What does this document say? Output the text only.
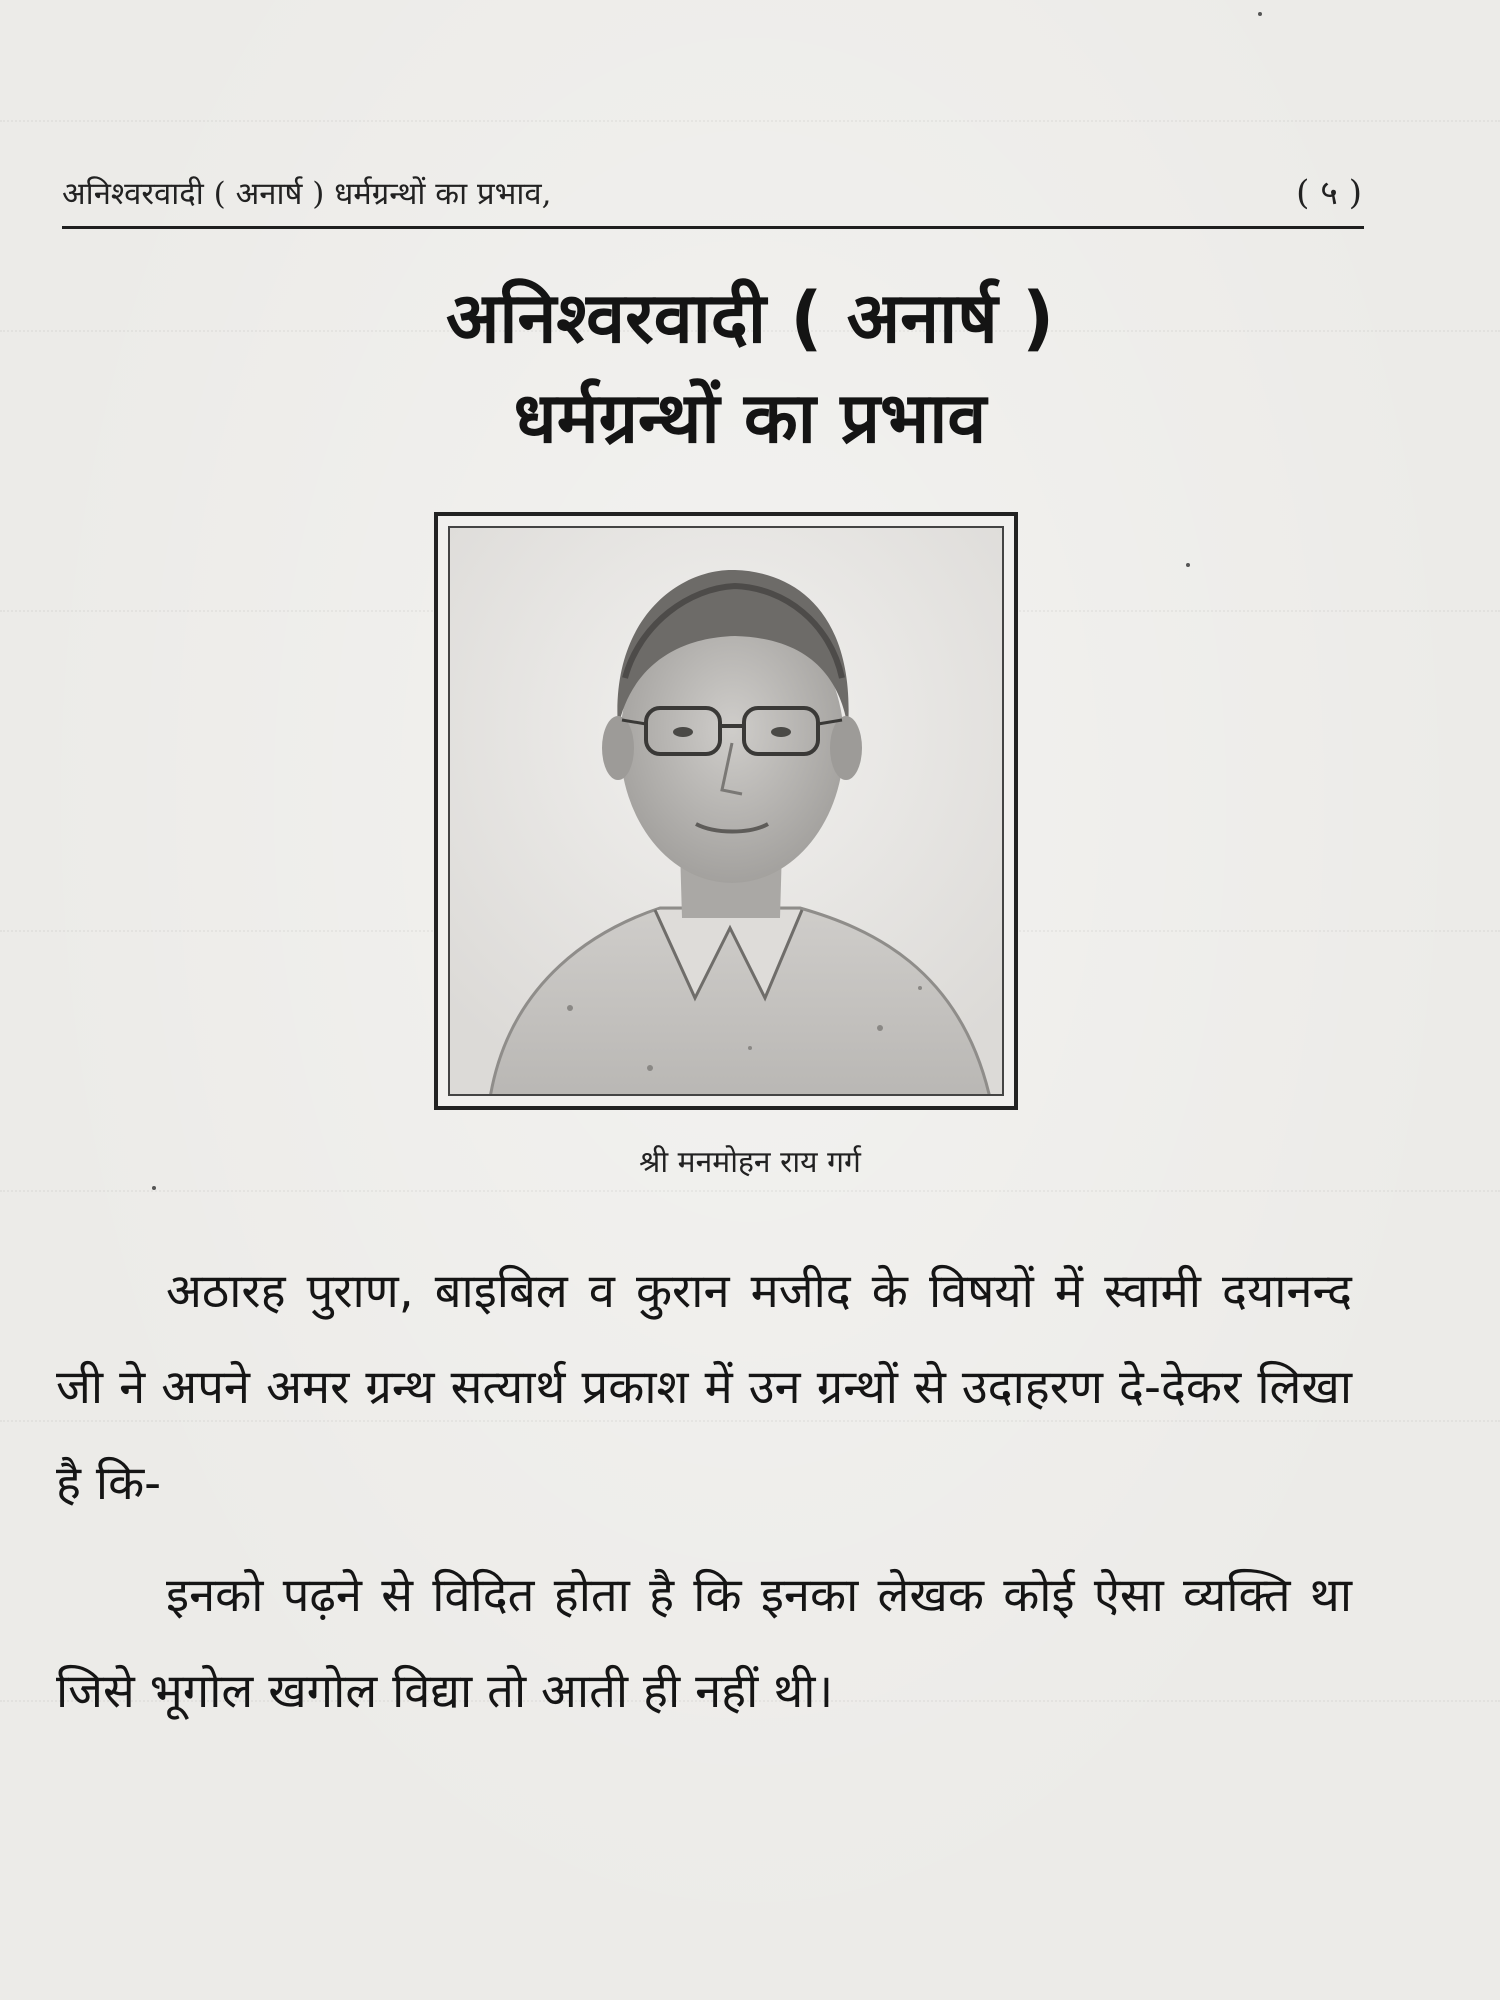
अनिश्वरवादी ( अनार्ष ) धर्मग्रन्थों का प्रभाव,	( ५ )
अनिश्वरवादी ( अनार्ष )
धर्मग्रन्थों का प्रभाव
श्री मनमोहन राय गर्ग

अठारह पुराण, बाइबिल व कुरान मजीद के विषयों में स्वामी दयानन्द जी ने अपने अमर ग्रन्थ सत्यार्थ प्रकाश में उन ग्रन्थों से उदाहरण दे-देकर लिखा है कि-

इनको पढ़ने से विदित होता है कि इनका लेखक कोई ऐसा व्यक्ति था जिसे भूगोल खगोल विद्या तो आती ही नहीं थी।
